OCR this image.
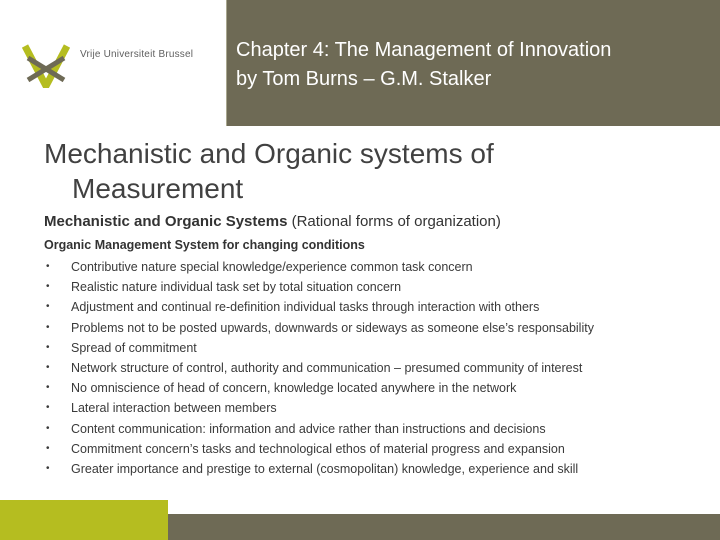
Vrije Universiteit Brussel Chapter 4: The Management of Innovation
by Tom Burns – G.M. Stalker
Mechanistic and Organic systems of
Measurement
Mechanistic and Organic Systems (Rational forms of organization)
Organic Management System for changing conditions
• Contributive nature special knowledge/experience common task concern
• Realistic nature individual task set by total situation concern
• Adjustment and continual re-definition individual tasks through interaction with others
• Problems not to be posted upwards, downwards or sideways as someone else’s responsability
• Spread of commitment
• Network structure of control, authority and communication – presumed community of interest
• No omniscience of head of concern, knowledge located anywhere in the network
• Lateral interaction between members
• Content communication: information and advice rather than instructions and decisions
• Commitment concern’s tasks and technological ethos of material progress and expansion
• Greater importance and prestige to external (cosmopolitan) knowledge, experience and skill
